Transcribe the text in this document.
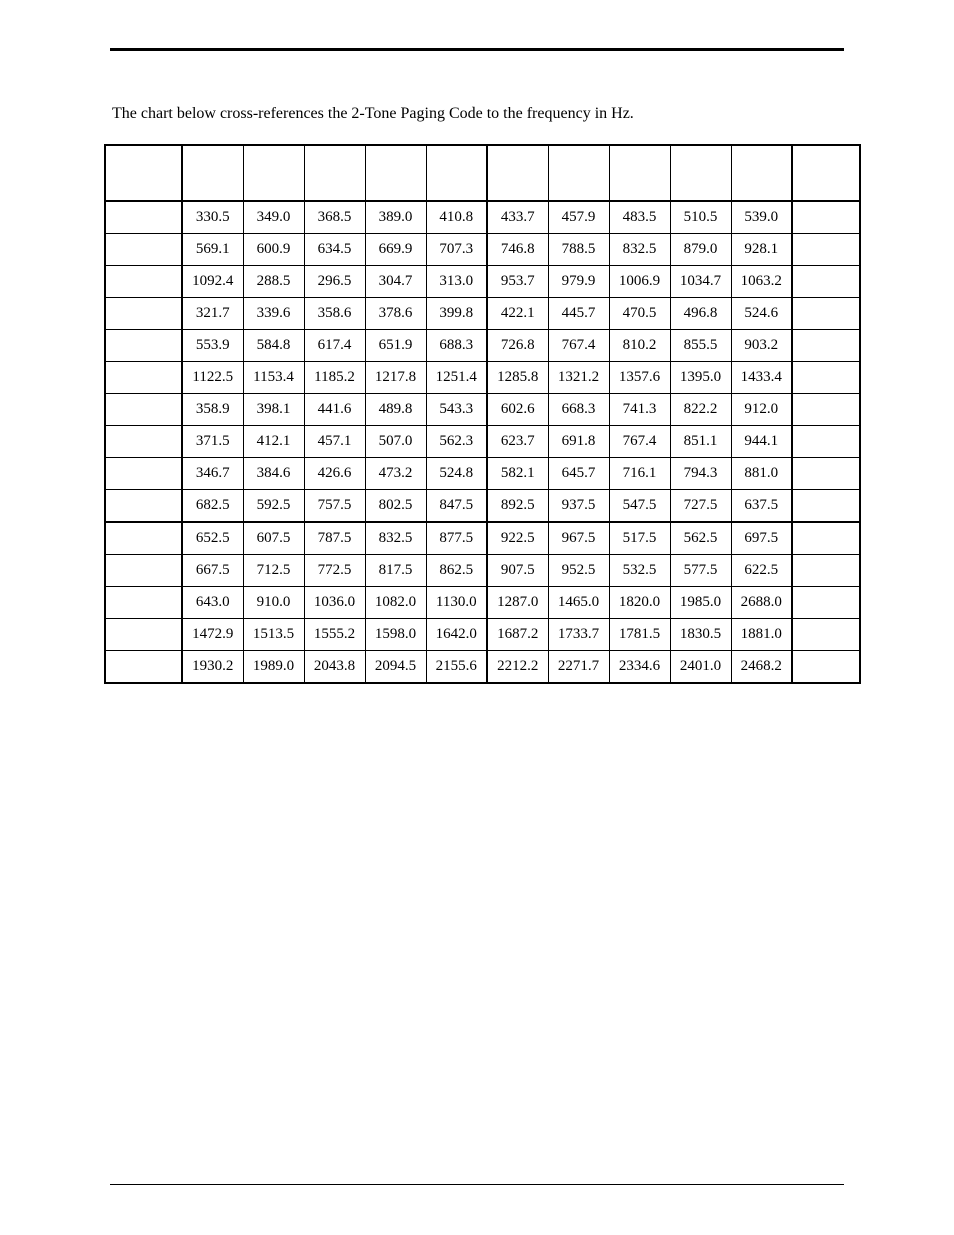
The chart below cross-references the 2-Tone Paging Code to the frequency in Hz.

	330.5	349.0	368.5	389.0	410.8	433.7	457.9	483.5	510.5	539.0	
	569.1	600.9	634.5	669.9	707.3	746.8	788.5	832.5	879.0	928.1	
	1092.4	288.5	296.5	304.7	313.0	953.7	979.9	1006.9	1034.7	1063.2	
	321.7	339.6	358.6	378.6	399.8	422.1	445.7	470.5	496.8	524.6	
	553.9	584.8	617.4	651.9	688.3	726.8	767.4	810.2	855.5	903.2	
	1122.5	1153.4	1185.2	1217.8	1251.4	1285.8	1321.2	1357.6	1395.0	1433.4	
	358.9	398.1	441.6	489.8	543.3	602.6	668.3	741.3	822.2	912.0	
	371.5	412.1	457.1	507.0	562.3	623.7	691.8	767.4	851.1	944.1	
	346.7	384.6	426.6	473.2	524.8	582.1	645.7	716.1	794.3	881.0	
	682.5	592.5	757.5	802.5	847.5	892.5	937.5	547.5	727.5	637.5	
	652.5	607.5	787.5	832.5	877.5	922.5	967.5	517.5	562.5	697.5	
	667.5	712.5	772.5	817.5	862.5	907.5	952.5	532.5	577.5	622.5	
	643.0	910.0	1036.0	1082.0	1130.0	1287.0	1465.0	1820.0	1985.0	2688.0	
	1472.9	1513.5	1555.2	1598.0	1642.0	1687.2	1733.7	1781.5	1830.5	1881.0	
	1930.2	1989.0	2043.8	2094.5	2155.6	2212.2	2271.7	2334.6	2401.0	2468.2	
